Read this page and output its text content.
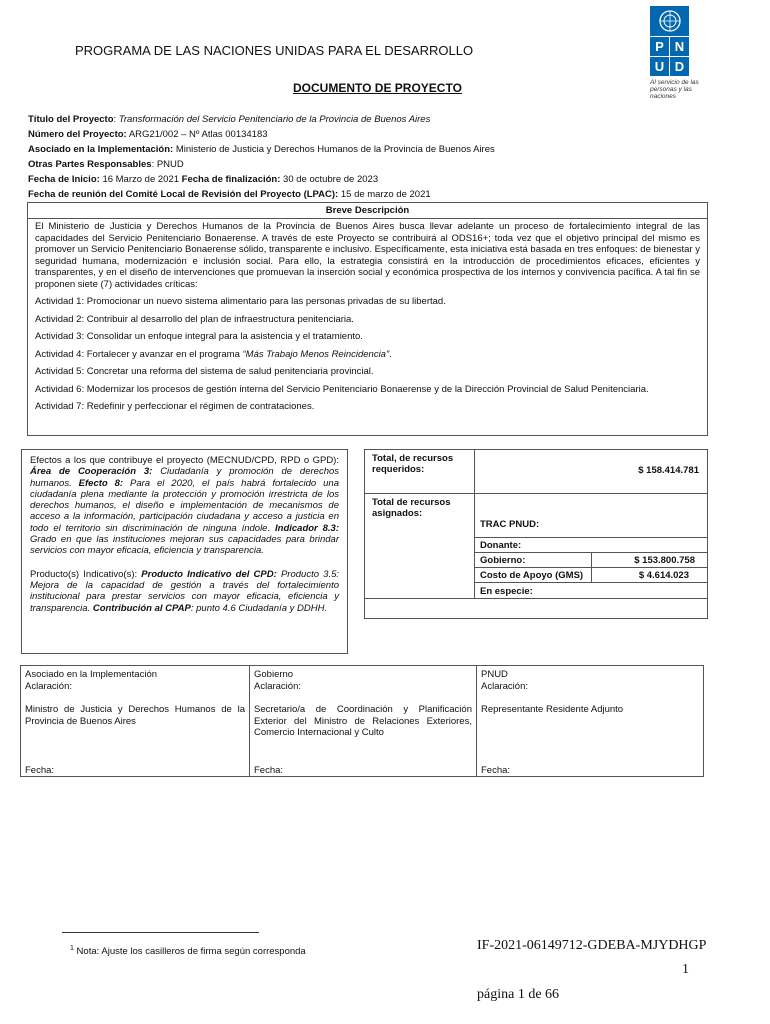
P N
U D
Al servicio de las personas y las naciones
PROGRAMA DE LAS NACIONES UNIDAS PARA EL DESARROLLO
DOCUMENTO DE PROYECTO
Título del Proyecto: Transformación del Servicio Penitenciario de la Provincia de Buenos Aires
Número del Proyecto: ARG21/002 – Nº Atlas 00134183
Asociado en la Implementación: Ministerio de Justicia y Derechos Humanos de la Provincia de Buenos Aires
Otras Partes Responsables: PNUD
Fecha de Inicio: 16 Marzo de 2021 Fecha de finalización: 30 de octubre de 2023
Fecha de reunión del Comité Local de Revisión del Proyecto (LPAC): 15 de marzo de 2021
Breve Descripción

El Ministerio de Justicia y Derechos Humanos de la Provincia de Buenos Aires busca llevar adelante un proceso de fortalecimiento integral de las capacidades del Servicio Penitenciario Bonaerense. A través de este Proyecto se contribuirá al ODS16+; toda vez que el objetivo principal del mismo es promover un Servicio Penitenciario Bonaerense sólido, transparente e inclusivo. Específicamente, esta iniciativa está basada en tres enfoques: de bienestar y seguridad humana, modernización e inclusión social. Para ello, la estrategia consistirá en la introducción de procedimientos eficaces, eficientes y transparentes, y en el diseño de intervenciones que promuevan la inserción social y económica prospectiva de los internos y convivencia pacífica. A tal fin se proponen siete (7) actividades críticas:

Actividad 1: Promocionar un nuevo sistema alimentario para las personas privadas de su libertad.

Actividad 2: Contribuir al desarrollo del plan de infraestructura penitenciaria.

Actividad 3: Consolidar un enfoque integral para la asistencia y el tratamiento.

Actividad 4: Fortalecer y avanzar en el programa “Más Trabajo Menos Reincidencia”.

Actividad 5: Concretar una reforma del sistema de salud penitenciaria provincial.

Actividad 6: Modernizar los procesos de gestión interna del Servicio Penitenciario Bonaerense y de la Dirección Provincial de Salud Penitenciaria.

Actividad 7: Redefinir y perfeccionar el régimen de contrataciones.

Efectos a los que contribuye el proyecto (MECNUD/CPD, RPD o GPD): Área de Cooperación 3: Ciudadanía y promoción de derechos humanos. Efecto 8: Para el 2020, el país habrá fortalecido una ciudadanía plena mediante la protección y promoción irrestricta de los derechos humanos, el diseño e implementación de mecanismos de acceso a la información, participación ciudadana y acceso a justicia en todo el territorio sin discriminación de ninguna índole. Indicador 8.3: Grado en que las instituciones mejoran sus capacidades para brindar servicios con mayor eficacia, eficiencia y transparencia.

Producto(s) Indicativo(s): Producto Indicativo del CPD: Producto 3.5: Mejora de la capacidad de gestión a través del fortalecimiento institucional para prestar servicios con mayor eficacia, eficiencia y transparencia. Contribución al CPAP: punto 4.6 Ciudadanía y DDHH.

Total, de recursos requeridos:	$ 158.414.781
Total de recursos asignados:
TRAC PNUD:
Donante:
Gobierno:	$ 153.800.758
Costo de Apoyo (GMS)	$ 4.614.023
En especie:
Asociado en la Implementación
Aclaración:
Ministro de Justicia y Derechos Humanos de la Provincia de Buenos Aires
Fecha:
Gobierno
Aclaración:
Secretario/a de Coordinación y Planificación Exterior del Ministro de Relaciones Exteriores, Comercio Internacional y Culto
Fecha:
PNUD
Aclaración:
Representante Residente Adjunto
Fecha:
$^1$ Nota: Ajuste los casilleros de firma según corresponda	IF-2021-06149712-GDEBA-MJYDHGP
1
página 1 de 66
